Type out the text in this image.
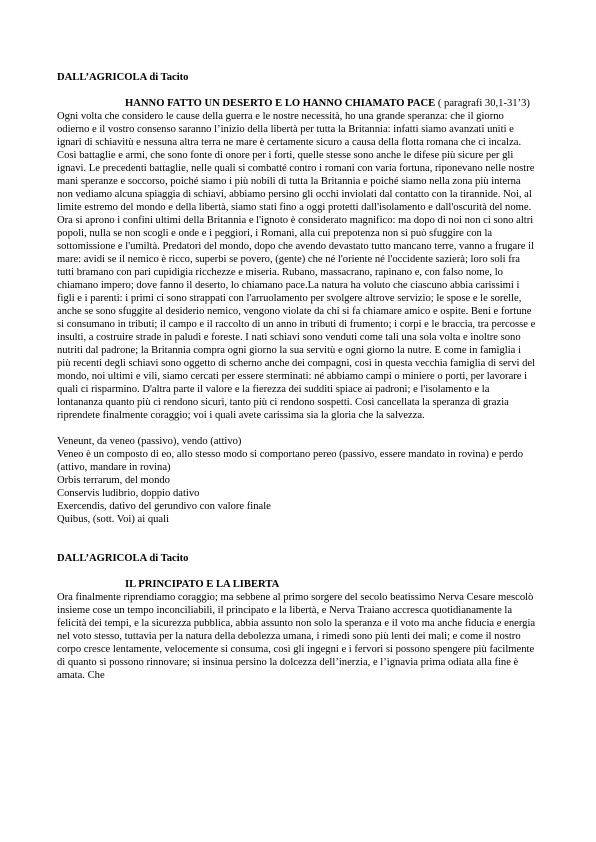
DALL’AGRICOLA di Tacito

HANNO FATTO UN DESERTO E LO HANNO CHIAMATO PACE ( paragrafi 30,1-31’3)

Ogni volta che considero le cause della guerra e le nostre necessità, ho una grande speranza: che il giorno odierno e il vostro consenso saranno l’inizio della libertà per tutta la Britannia: infatti siamo avanzati uniti e ignari di schiavitù e nessuna altra terra ne mare è certamente sicuro a causa della flotta romana che ci incalza. Così battaglie e armi, che sono fonte di onore per i forti, quelle stesse sono anche le difese più sicure per gli ignavi. Le precedenti battaglie, nelle quali si combatté contro i romani con varia fortuna, riponevano nelle nostre mani speranze e soccorso, poiché siamo i più nobili di tutta la Britannia e poiché siamo nella zona più interna non vediamo alcuna spiaggia di schiavi, abbiamo persino gli occhi inviolati dal contatto con la tirannide. Noi, al limite estremo del mondo e della libertà, siamo stati fino a oggi protetti dall'isolamento e dall'oscurità del nome. Ora si aprono i confini ultimi della Britannia e l'ignoto è considerato magnifico: ma dopo di noi non ci sono altri popoli, nulla se non scogli e onde e i peggiori, i Romani, alla cui prepotenza non si può sfuggire con la sottomissione e l'umiltà. Predatori del mondo, dopo che avendo devastato tutto mancano terre, vanno a frugare il mare: avidi se il nemico è ricco, superbi se povero, (gente) che né l'oriente né l'occidente sazierà; loro soli fra tutti bramano con pari cupidigia ricchezze e miseria. Rubano, massacrano, rapinano e, con falso nome, lo chiamano impero; dove fanno il deserto, lo chiamano pace.La natura ha voluto che ciascuno abbia carissimi i figli e i parenti: i primi ci sono strappati con l'arruolamento per svolgere altrove servizio; le spose e le sorelle, anche se sono sfuggite al desiderio nemico, vengono violate da chi si fa chiamare amico e ospite. Beni e fortune si consumano in tributi; il campo e il raccolto di un anno in tributi di frumento; i corpi e le braccia, tra percosse e insulti, a costruire strade in paludi e foreste. I nati schiavi sono venduti come tali una sola volta e inoltre sono nutriti dal padrone; la Britannia compra ogni giorno la sua servitù e ogni giorno la nutre. E come in famiglia i più recenti degli schiavi sono oggetto di scherno anche dei compagni, così in questa vecchia famiglia di servi del mondo, noi ultimi e vili, siamo cercati per essere sterminati: né abbiamo campi o miniere o porti, per lavorare i quali ci risparmino. D'altra parte il valore e la fierezza dei sudditi spiace ai padroni; e l'isolamento e la lontananza quanto più ci rendono sicuri, tanto più ci rendono sospetti. Così cancellata la speranza di grazia riprendete finalmente coraggio; voi i quali avete carissima sia la gloria che la salvezza.

Veneunt, da veneo (passivo), vendo (attivo)
Veneo è un composto di eo, allo stesso modo si comportano pereo (passivo, essere mandato in rovina) e perdo (attivo, mandare in rovina)
Orbis terrarum, del mondo
Conservis ludibrio, doppio dativo
Exercendis, dativo del gerundivo con valore finale
Quibus, (sott. Voi) ai quali

DALL’AGRICOLA di Tacito

IL PRINCIPATO E LA LIBERTA

Ora finalmente riprendiamo coraggio; ma sebbene al primo sorgere del secolo beatissimo Nerva Cesare mescolò insieme cose un tempo inconciliabili, il principato e la libertà, e Nerva Traiano accresca quotidianamente la felicità dei tempi, e la sicurezza pubblica, abbia assunto non solo la speranza e il voto ma anche fiducia e energia nel voto stesso, tuttavia per la natura della debolezza umana, i rimedi sono più lenti dei mali; e come il nostro corpo cresce lentamente, velocemente si consuma, così gli ingegni e i fervori si possono spengere più facilmente di quanto si possono rinnovare; si insinua persino la dolcezza dell’inerzia, e l’ignavia prima odiata alla fine è amata. Che
